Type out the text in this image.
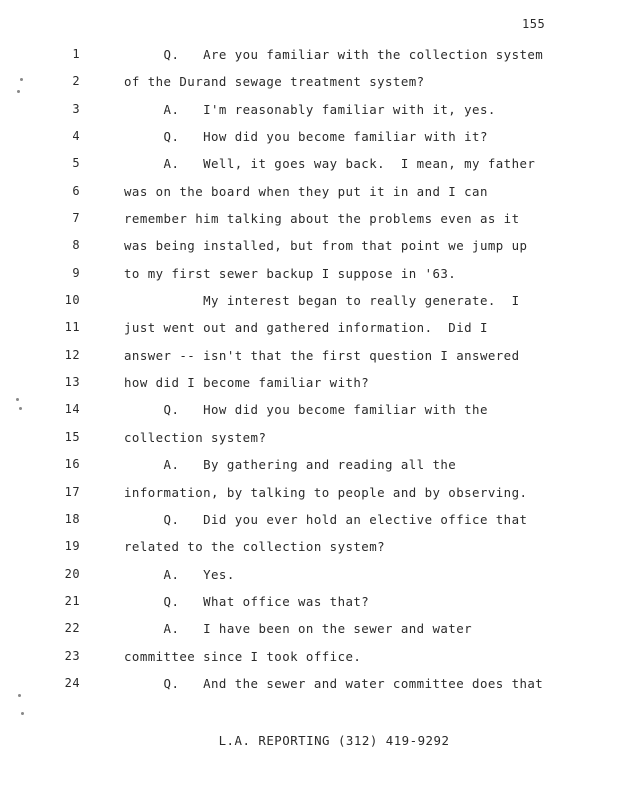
155
1	Q.   Are you familiar with the collection system
2	of the Durand sewage treatment system?
3	A.   I'm reasonably familiar with it, yes.
4	Q.   How did you become familiar with it?
5	A.   Well, it goes way back.  I mean, my father
6	was on the board when they put it in and I can
7	remember him talking about the problems even as it
8	was being installed, but from that point we jump up
9	to my first sewer backup I suppose in '63.
10	My interest began to really generate.  I
11	just went out and gathered information.  Did I
12	answer -- isn't that the first question I answered
13	how did I become familiar with?
14	Q.   How did you become familiar with the
15	collection system?
16	A.   By gathering and reading all the
17	information, by talking to people and by observing.
18	Q.   Did you ever hold an elective office that
19	related to the collection system?
20	A.   Yes.
21	Q.   What office was that?
22	A.   I have been on the sewer and water
23	committee since I took office.
24	Q.   And the sewer and water committee does that
L.A. REPORTING (312) 419-9292
